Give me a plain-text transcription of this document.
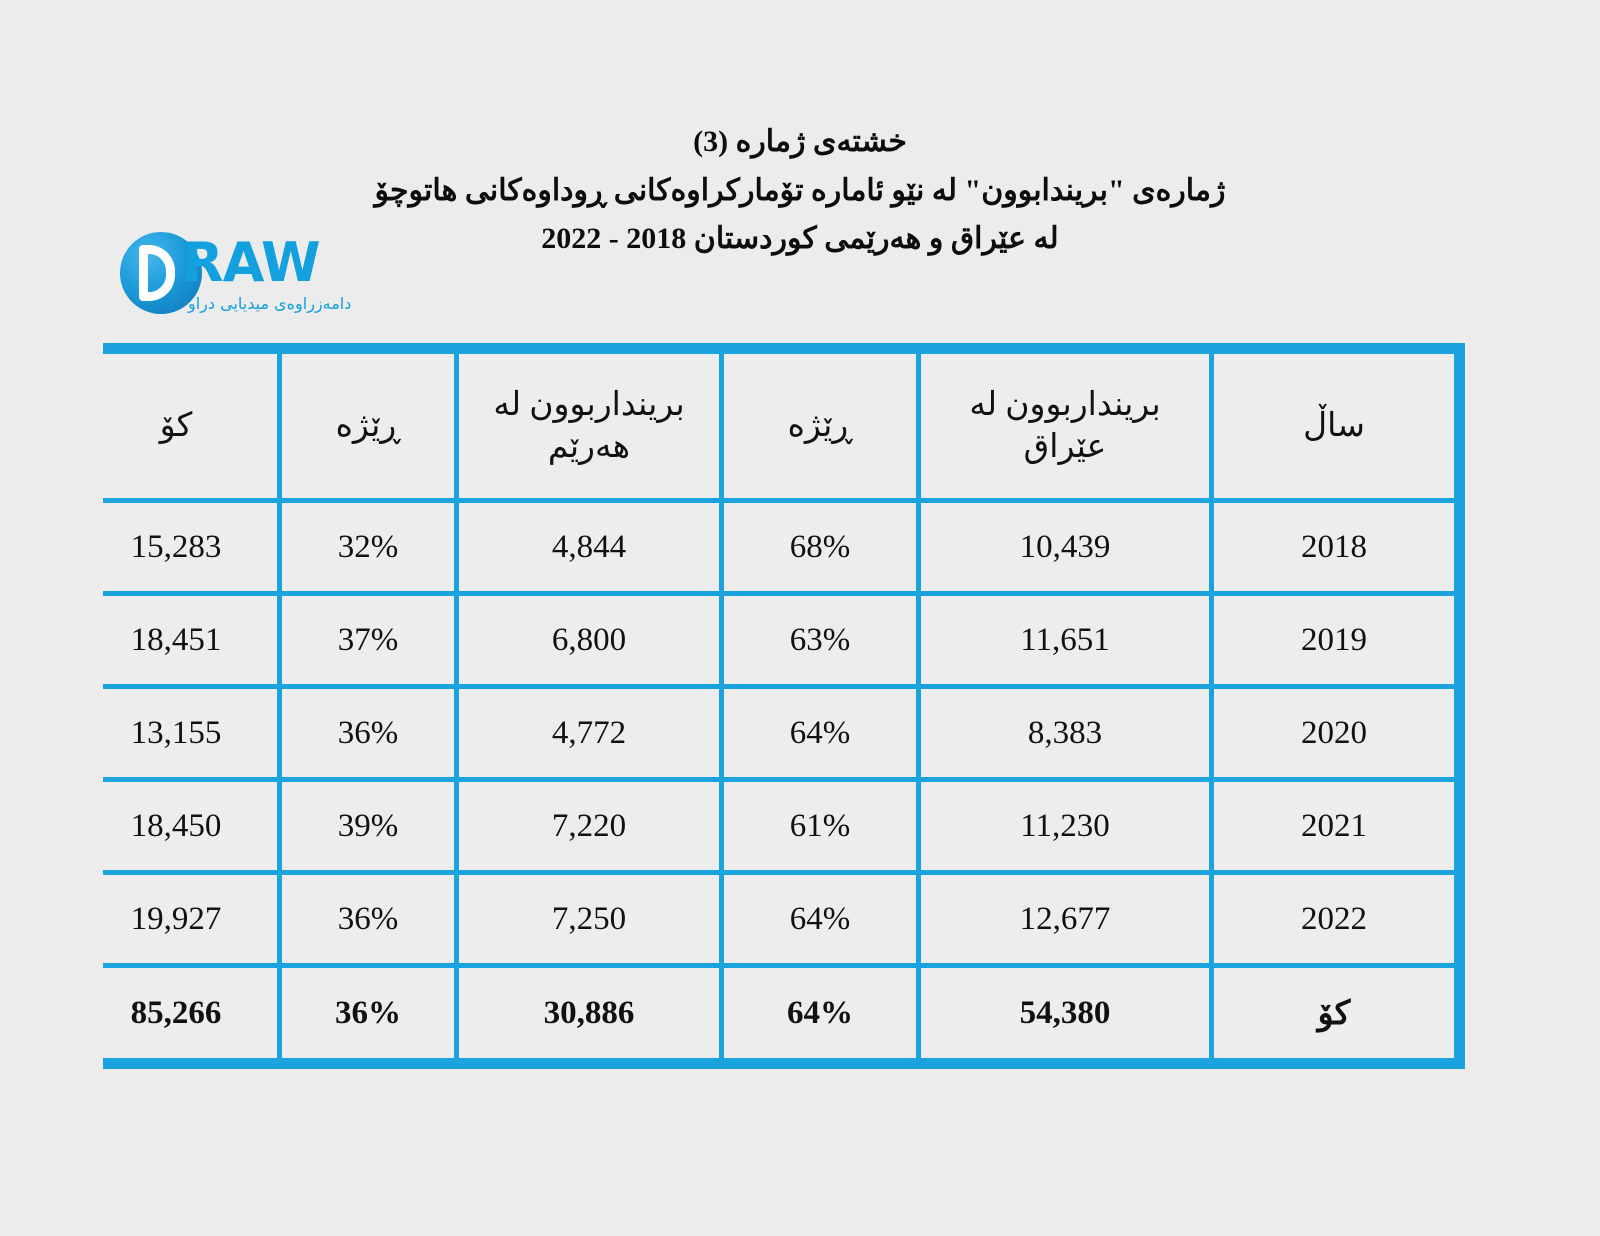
خشتەی ژمارە (3)
ژمارەی "بریندابوون" لە نێو ئامارە تۆمارکراوەکانی ڕوداوەکانی هاتوچۆ
لە عێراق و هەرێمی کوردستان 2018 - 2022
RAW
دامەزراوەی میدیایی دراو
ساڵ	بریندارﺑﻮون لە عێراق	ڕێژە	بریندارﺑﻮون لە هەرێم	ڕێژە	کۆ
2018	10,439	68%	4,844	32%	15,283
2019	11,651	63%	6,800	37%	18,451
2020	8,383	64%	4,772	36%	13,155
2021	11,230	61%	7,220	39%	18,450
2022	12,677	64%	7,250	36%	19,927
کۆ	54,380	64%	30,886	36%	85,266
